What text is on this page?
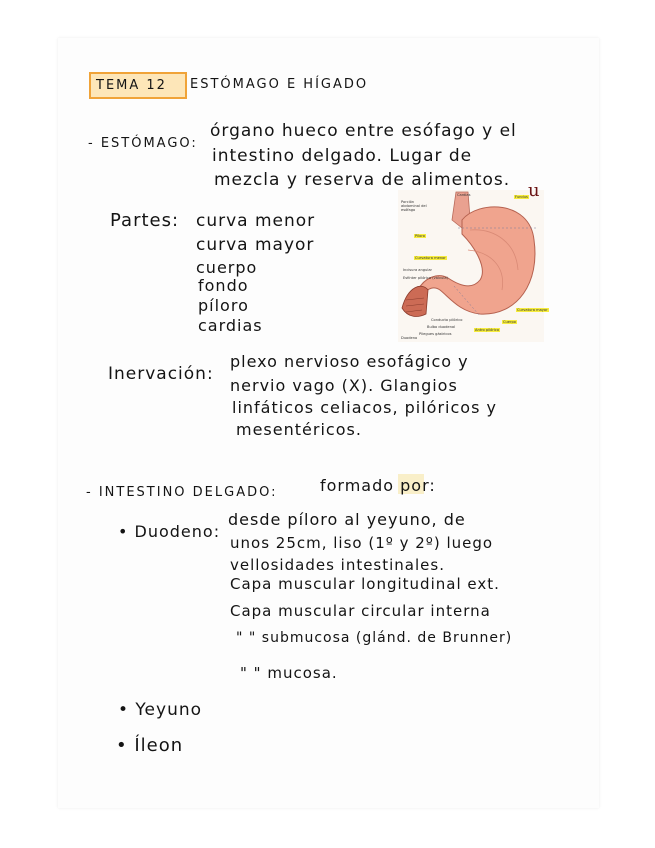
TEMA 12 ESTÓMAGO E HÍGADO
- ESTÓMAGO:
órgano hueco entre esófago y el
intestino delgado. Lugar de
mezcla y reserva de alimentos.
Partes: curva menor
curva mayor
cuerpo
fondo
píloro
cardias
Porción abdominal del esófago
Cardias	Fundus
Píloro
Curvatura menor
Incisura angular
Esfínter pilórico (válvula)
Curvatura mayor
Cuerpo
Conducto pilórico
Bulbo duodenal
Pliegues gástricos
Antro pilórico
Duodeno
u
Inervación:
plexo nervioso esofágico y
nervio vago (X). Glangios
linfáticos celiacos, pilóricos y
mesentéricos.
- INTESTINO DELGADO:	formado por:
• Duodeno:
desde píloro al yeyuno, de
unos 25cm, liso (1º y 2º) luego
vellosidades intestinales.
Capa muscular longitudinal ext.
Capa muscular circular interna
" " submucosa (glánd. de Brunner)
" " mucosa.
• Yeyuno
• Íleon
